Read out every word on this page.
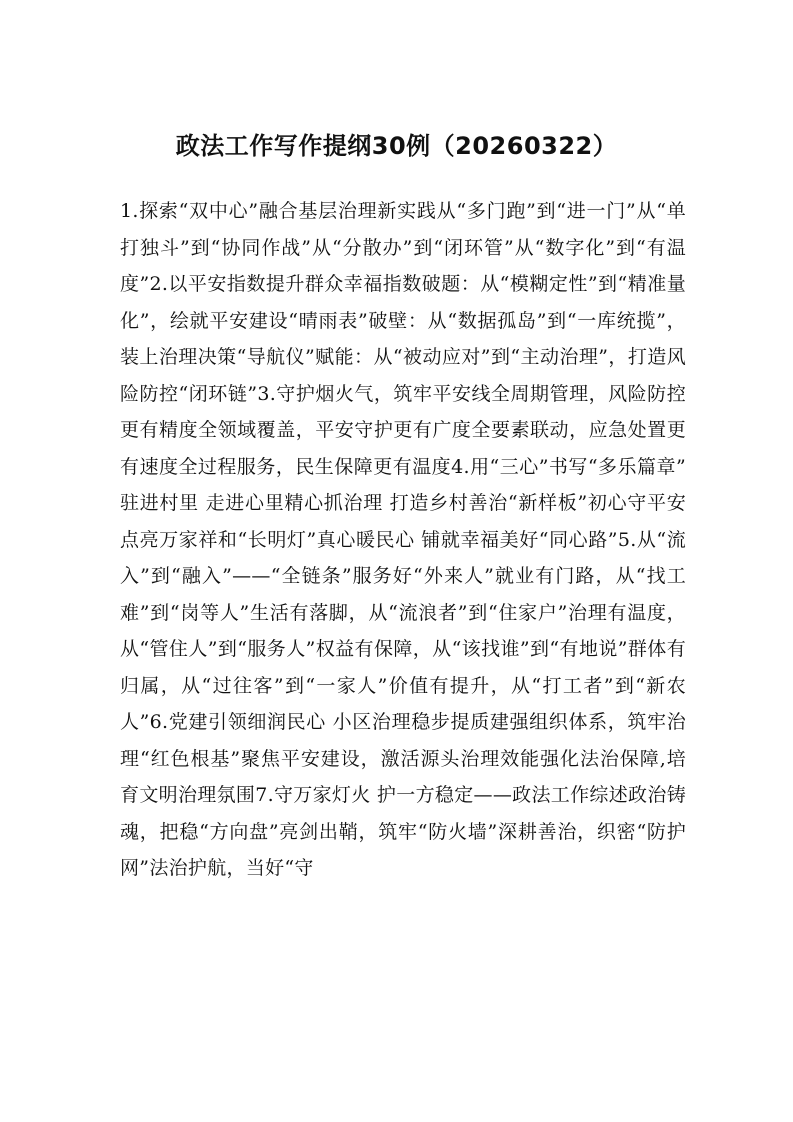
政法工作写作提纲30例（20260322）

1.探索“双中心”融合基层治理新实践从“多门跑”到“进一门”从“单打独斗”到“协同作战”从“分散办”到“闭环管”从“数字化”到“有温度”2.以平安指数提升群众幸福指数破题：从“模糊定性”到“精准量化”，绘就平安建设“晴雨表”破壁：从“数据孤岛”到“一库统揽”，装上治理决策“导航仪”赋能：从“被动应对”到“主动治理”，打造风险防控“闭环链”3.守护烟火气，筑牢平安线全周期管理，风险防控更有精度全领域覆盖，平安守护更有广度全要素联动，应急处置更有速度全过程服务，民生保障更有温度4.用“三心”书写“多乐篇章” 驻进村里 走进心里精心抓治理 打造乡村善治“新样板”初心守平安 点亮万家祥和“长明灯”真心暖民心 铺就幸福美好“同心路”5.从“流入”到“融入”——“全链条”服务好“外来人”就业有门路，从“找工难”到“岗等人”生活有落脚，从“流浪者”到“住家户”治理有温度，从“管住人”到“服务人”权益有保障，从“该找谁”到“有地说”群体有归属，从“过往客”到“一家人”价值有提升，从“打工者”到“新农人”6.党建引领细润民心 小区治理稳步提质建强组织体系，筑牢治理“红色根基”聚焦平安建设，激活源头治理效能强化法治保障,培育文明治理氛围7.守万家灯火 护一方稳定——政法工作综述政治铸魂，把稳“方向盘”亮剑出鞘，筑牢“防火墙”深耕善治，织密“防护网”法治护航，当好“守
